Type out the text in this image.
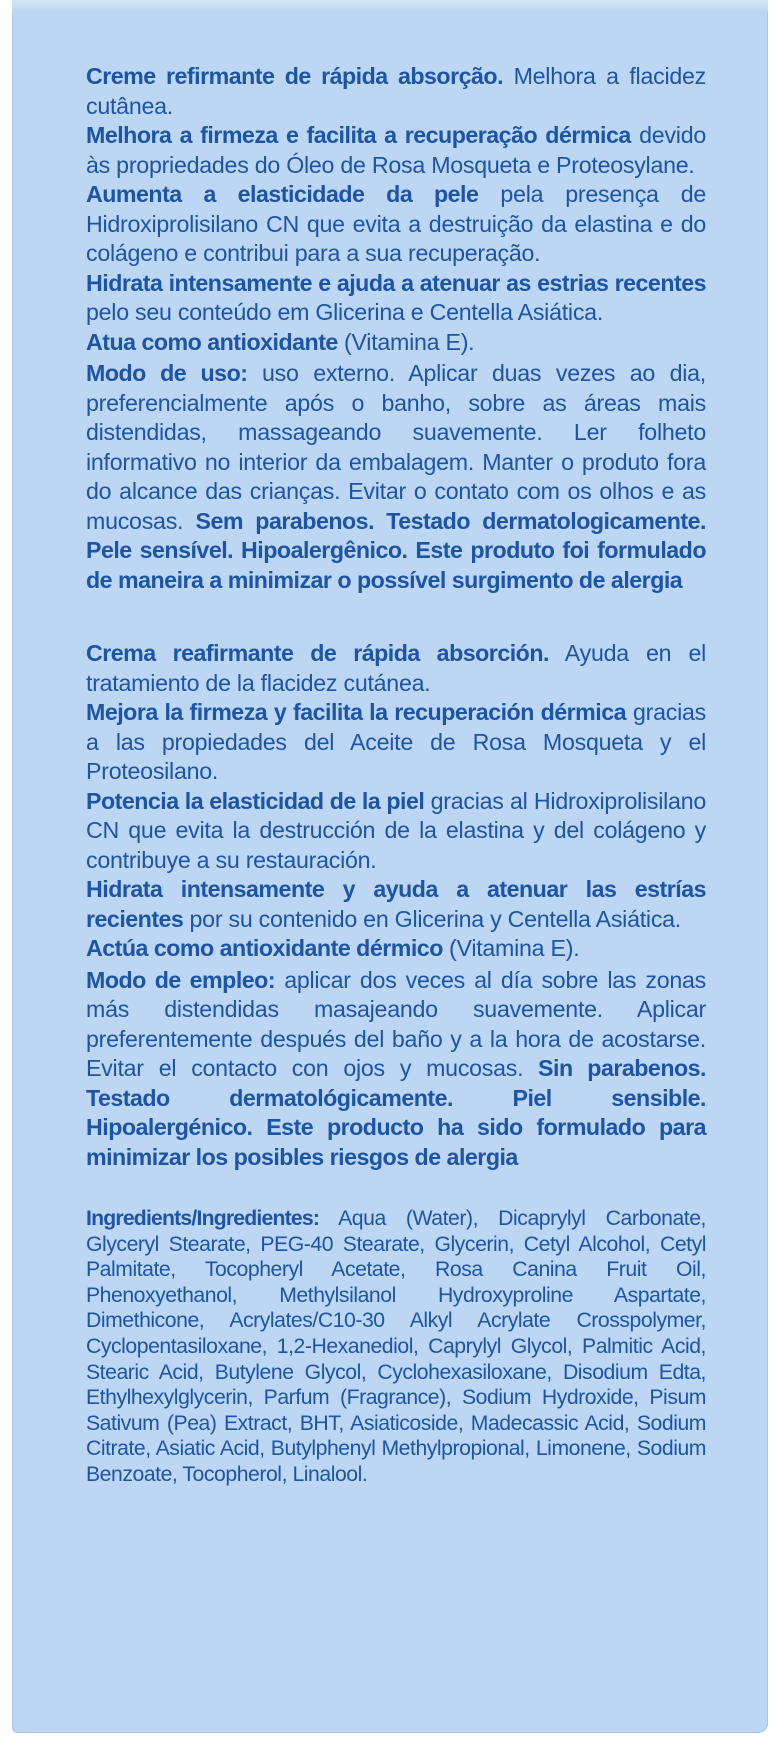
Creme refirmante de rápida absorção. Melhora a flacidez cutânea.

Melhora a firmeza e facilita a recuperação dérmica devido às propriedades do Óleo de Rosa Mosqueta e Proteosylane.

Aumenta a elasticidade da pele pela presença de Hidroxiprolisilano CN que evita a destruição da elastina e do colágeno e contribui para a sua recuperação.

Hidrata intensamente e ajuda a atenuar as estrias recentes pelo seu conteúdo em Glicerina e Centella Asiática.

Atua como antioxidante (Vitamina E).

Modo de uso: uso externo. Aplicar duas vezes ao dia, preferencialmente após o banho, sobre as áreas mais distendidas, massageando suavemente. Ler folheto informativo no interior da embalagem. Manter o produto fora do alcance das crianças. Evitar o contato com os olhos e as mucosas. Sem parabenos. Testado dermatologicamente. Pele sensível. Hipoalergênico. Este produto foi formulado de maneira a minimizar o possível surgimento de alergia

Crema reafirmante de rápida absorción. Ayuda en el tratamiento de la flacidez cutánea.

Mejora la firmeza y facilita la recuperación dérmica gracias a las propiedades del Aceite de Rosa Mosqueta y el Proteosilano.

Potencia la elasticidad de la piel gracias al Hidroxiprolisilano CN que evita la destrucción de la elastina y del colágeno y contribuye a su restauración.

Hidrata intensamente y ayuda a atenuar las estrías recientes por su contenido en Glicerina y Centella Asiática.

Actúa como antioxidante dérmico (Vitamina E).

Modo de empleo: aplicar dos veces al día sobre las zonas más distendidas masajeando suavemente. Aplicar preferentemente después del baño y a la hora de acostarse. Evitar el contacto con ojos y mucosas. Sin parabenos. Testado dermatológicamente. Piel sensible. Hipoalergénico. Este producto ha sido formulado para minimizar los posibles riesgos de alergia

Ingredients/Ingredientes: Aqua (Water), Dicaprylyl Carbonate, Glyceryl Stearate, PEG-40 Stearate, Glycerin, Cetyl Alcohol, Cetyl Palmitate, Tocopheryl Acetate, Rosa Canina Fruit Oil, Phenoxyethanol, Methylsilanol Hydroxyproline Aspartate, Dimethicone, Acrylates/C10-30 Alkyl Acrylate Crosspolymer, Cyclopentasiloxane, 1,2-Hexanediol, Caprylyl Glycol, Palmitic Acid, Stearic Acid, Butylene Glycol, Cyclohexasiloxane, Disodium Edta, Ethylhexylglycerin, Parfum (Fragrance), Sodium Hydroxide, Pisum Sativum (Pea) Extract, BHT, Asiaticoside, Madecassic Acid, Sodium Citrate, Asiatic Acid, Butylphenyl Methylpropional, Limonene, Sodium Benzoate, Tocopherol, Linalool.
